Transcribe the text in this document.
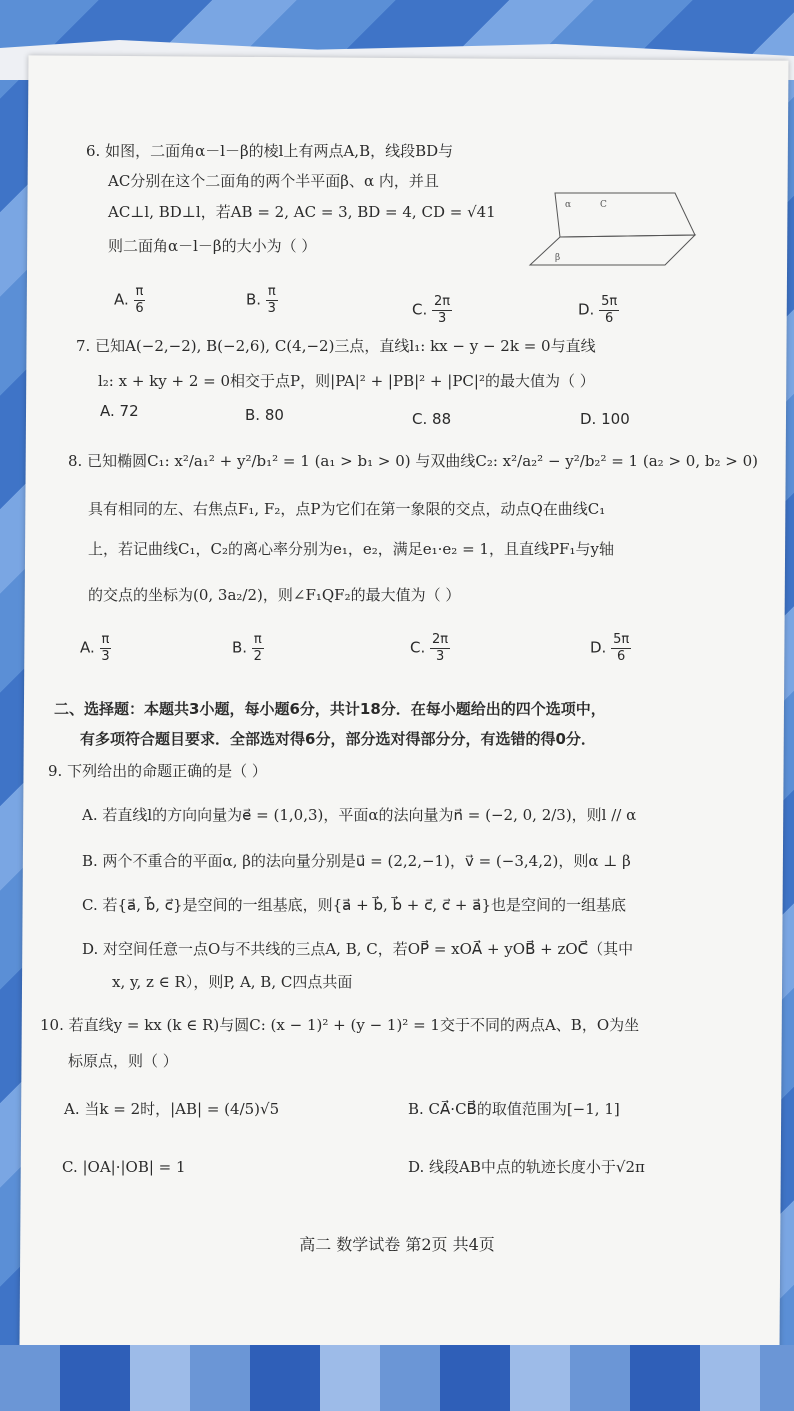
6. 如图，二面角α－l－β的棱l上有两点A,B，线段BD与
AC分别在这个二面角的两个半平面β、α 内，并且
AC⊥l, BD⊥l，若AB = 2, AC = 3, BD = 4, CD = √41
则二面角α－l－β的大小为（ ）
α	C
β
A. $\frac{\pi}{6}$	B. $\frac{\pi}{3}$	C. $\frac{2\pi}{3}$	D. $\frac{5\pi}{6}$
7. 已知A(−2,−2), B(−2,6), C(4,−2)三点，直线l₁: kx − y − 2k = 0与直线
l₂: x + ky + 2 = 0相交于点P，则|PA|² + |PB|² + |PC|²的最大值为（ ）
A. 72	B. 80	C. 88	D. 100
8. 已知椭圆C₁: x²/a₁² + y²/b₁² = 1 (a₁ > b₁ > 0) 与双曲线C₂: x²/a₂² − y²/b₂² = 1 (a₂ > 0, b₂ > 0)
具有相同的左、右焦点F₁, F₂，点P为它们在第一象限的交点，动点Q在曲线C₁
上，若记曲线C₁，C₂的离心率分别为e₁，e₂，满足e₁·e₂ = 1，且直线PF₁与y轴
的交点的坐标为(0, 3a₂/2)，则∠F₁QF₂的最大值为（ ）
A. $\frac{\pi}{3}$	B. $\frac{\pi}{2}$	C. $\frac{2\pi}{3}$	D. $\frac{5\pi}{6}$
二、选择题：本题共3小题，每小题6分，共计18分．在每小题给出的四个选项中，
有多项符合题目要求．全部选对得6分，部分选对得部分分，有选错的得0分．
9. 下列给出的命题正确的是（ ）
A. 若直线l的方向向量为e⃗ = (1,0,3)，平面α的法向量为n⃗ = (−2, 0, 2/3)，则l // α
B. 两个不重合的平面α, β的法向量分别是u⃗ = (2,2,−1)，v⃗ = (−3,4,2)，则α ⊥ β
C. 若{a⃗, b⃗, c⃗}是空间的一组基底，则{a⃗ + b⃗, b⃗ + c⃗, c⃗ + a⃗}也是空间的一组基底
D. 对空间任意一点O与不共线的三点A, B, C，若OP⃗ = xOA⃗ + yOB⃗ + zOC⃗（其中
x, y, z ∈ R），则P, A, B, C四点共面
10. 若直线y = kx (k ∈ R)与圆C: (x − 1)² + (y − 1)² = 1交于不同的两点A、B，O为坐
标原点，则（ ）
A. 当k = 2时，|AB| = (4/5)√5	B. CA⃗·CB⃗的取值范围为[−1, 1]
C. |OA|·|OB| = 1	D. 线段AB中点的轨迹长度小于√2π
高二 数学试卷 第2页 共4页
